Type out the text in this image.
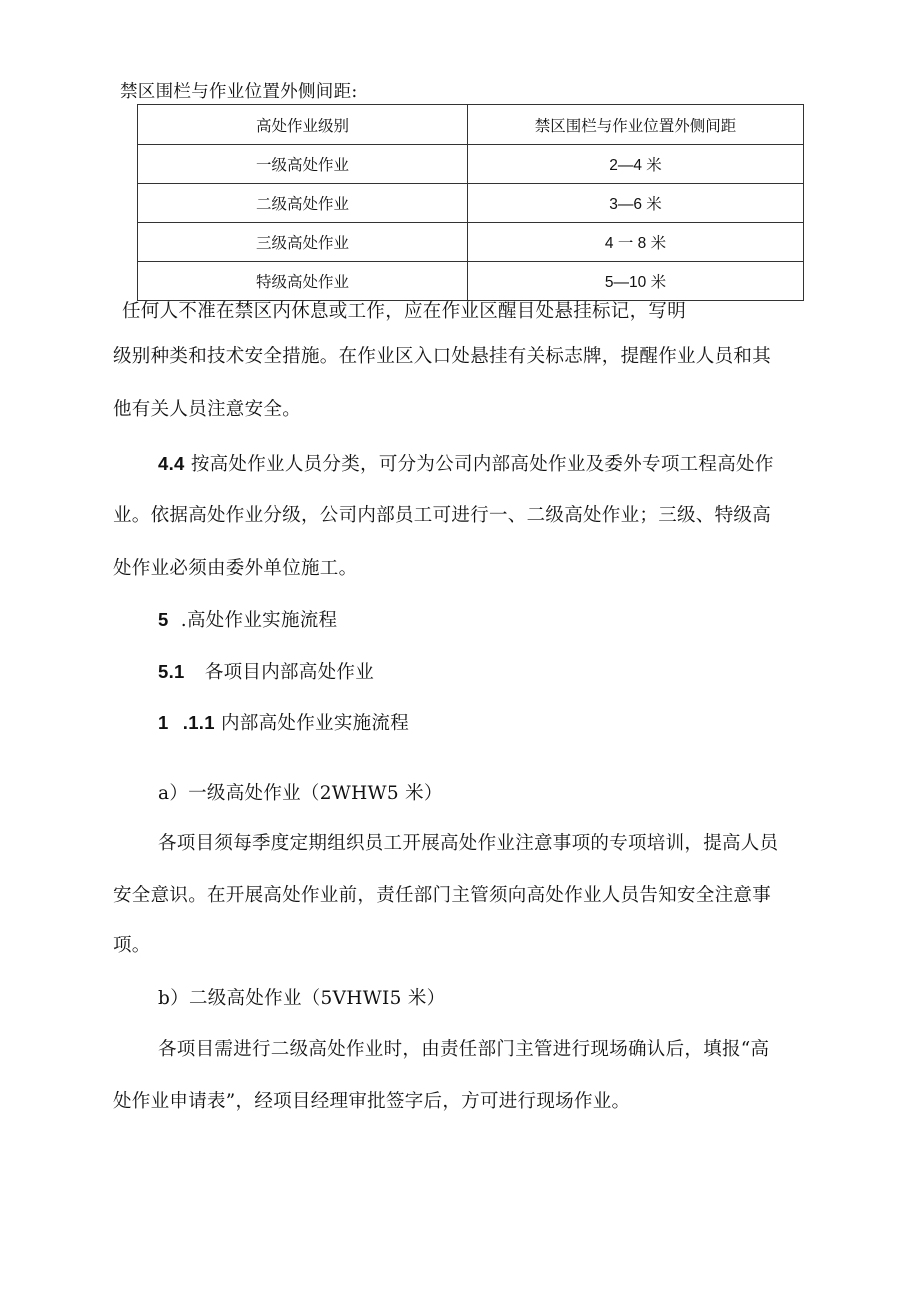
禁区围栏与作业位置外侧间距:
高处作业级别	禁区围栏与作业位置外侧间距
一级高处作业	2—4 米
二级高处作业	3—6 米
三级高处作业	4 一 8 米
特级高处作业	5—10 米
任何人不准在禁区内休息或工作，应在作业区醒目处悬挂标记，写明
级别种类和技术安全措施。在作业区入口处悬挂有关标志牌，提醒作业人员和其
他有关人员注意安全。
4.4 按高处作业人员分类，可分为公司内部高处作业及委外专项工程高处作
业。依据高处作业分级，公司内部员工可进行一、二级高处作业；三级、特级高
处作业必须由委外单位施工。
5 .高处作业实施流程
5.1 各项目内部高处作业
1 .1.1 内部高处作业实施流程
a）一级高处作业（2WHW5 米）
各项目须每季度定期组织员工开展高处作业注意事项的专项培训，提高人员
安全意识。在开展高处作业前，责任部门主管须向高处作业人员告知安全注意事
项。
b）二级高处作业（5VHWI5 米）
各项目需进行二级高处作业时，由责任部门主管进行现场确认后，填报“高
处作业申请表”，经项目经理审批签字后，方可进行现场作业。
